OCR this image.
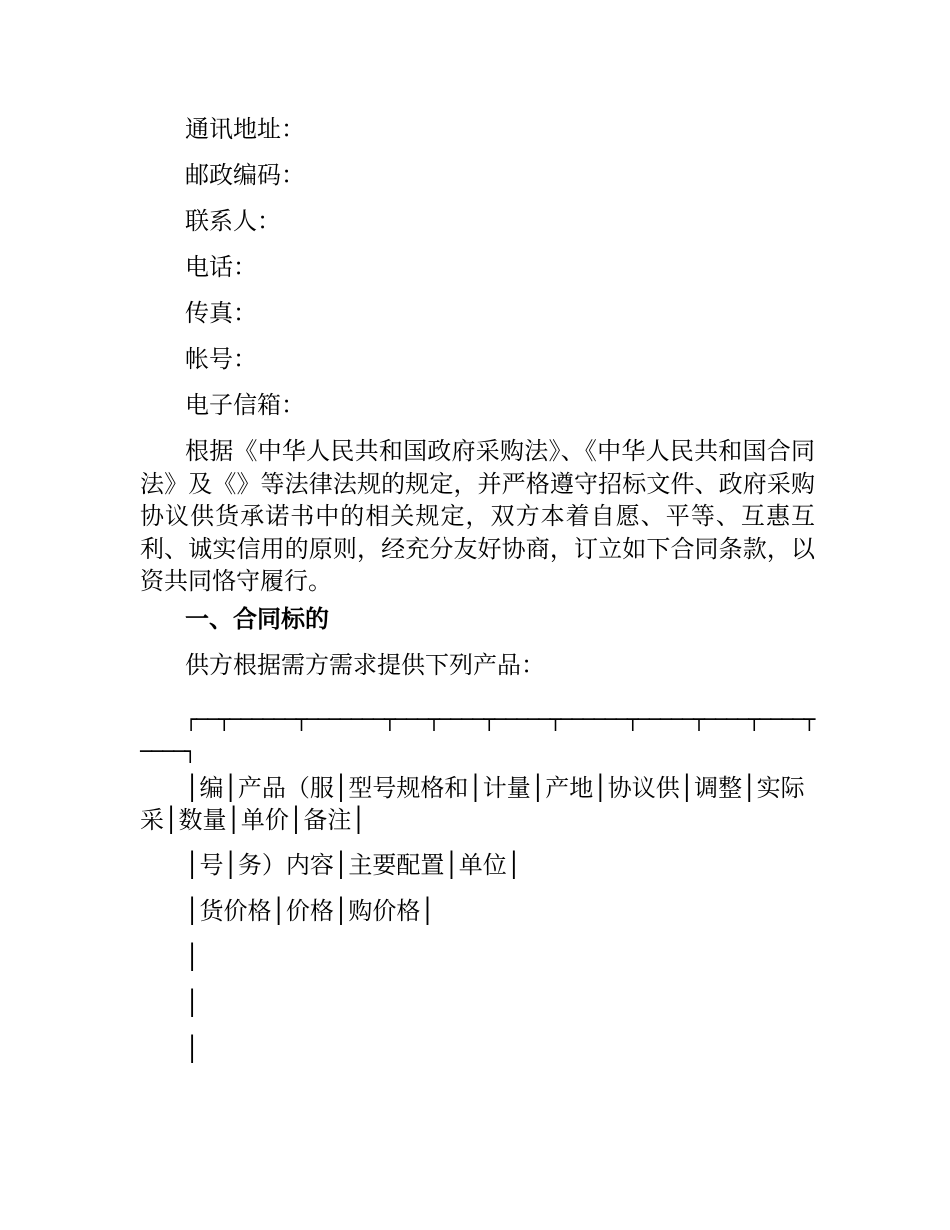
通讯地址：
邮政编码：
联系人：
电话：
传真：
帐号：
电子信箱：
根据《中华人民共和国政府采购法》、《中华人民共和国合同法》及《》等法律法规的规定，并严格遵守招标文件、政府采购协议供货承诺书中的相关规定，双方本着自愿、平等、互惠互利、诚实信用的原则，经充分友好协商，订立如下合同条款，以资共同恪守履行。
一、合同标的
供方根据需方需求提供下列产品：
┌──┬──────┬───────┬───┬────┬─────┬──────┬─────┬────┬────┬────┐
│编│产品（服│型号规格和│计量│产地│协议供│调整│实际采│数量│单价│备注│
│号│务）内容│主要配置│单位│
│货价格│价格│购价格│
│
│
│
